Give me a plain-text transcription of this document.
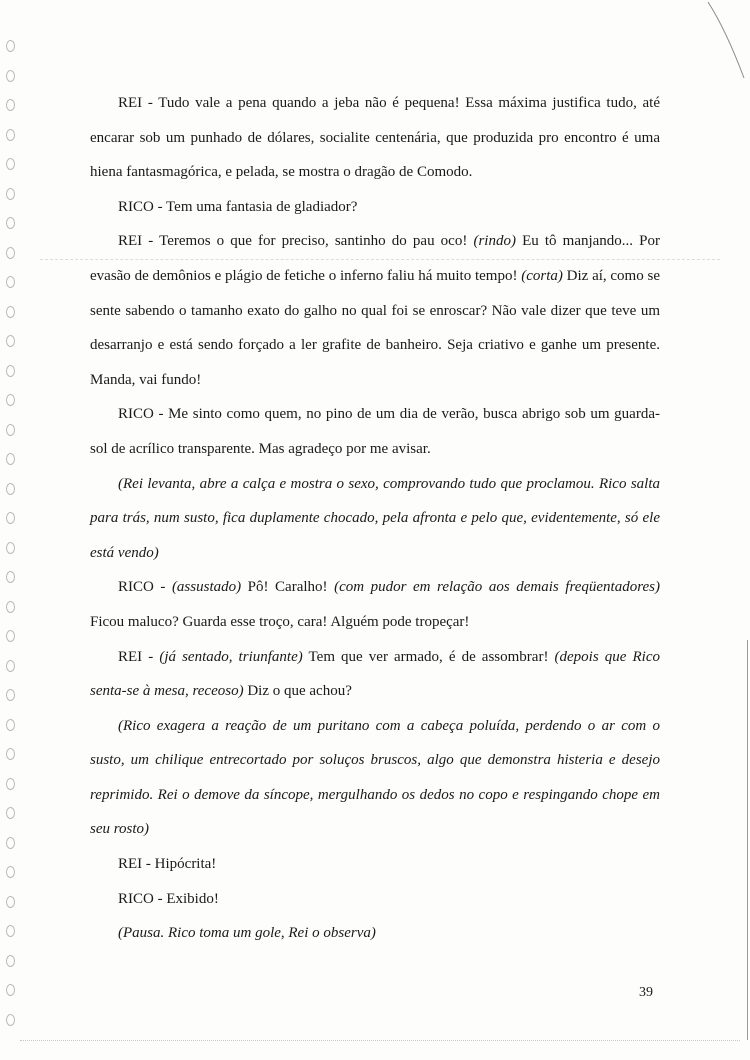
REI - Tudo vale a pena quando a jeba não é pequena! Essa máxima justifica tudo, até encarar sob um punhado de dólares, socialite centenária, que produzida pro encontro é uma hiena fantasmagórica, e pelada, se mostra o dragão de Comodo.

RICO - Tem uma fantasia de gladiador?

REI - Teremos o que for preciso, santinho do pau oco! (rindo) Eu tô manjando... Por evasão de demônios e plágio de fetiche o inferno faliu há muito tempo! (corta) Diz aí, como se sente sabendo o tamanho exato do galho no qual foi se enroscar? Não vale dizer que teve um desarranjo e está sendo forçado a ler grafite de banheiro. Seja criativo e ganhe um presente. Manda, vai fundo!

RICO - Me sinto como quem, no pino de um dia de verão, busca abrigo sob um guarda-sol de acrílico transparente. Mas agradeço por me avisar.

(Rei levanta, abre a calça e mostra o sexo, comprovando tudo que proclamou. Rico salta para trás, num susto, fica duplamente chocado, pela afronta e pelo que, evidentemente, só ele está vendo)

RICO - (assustado) Pô! Caralho! (com pudor em relação aos demais freqüentadores) Ficou maluco? Guarda esse troço, cara! Alguém pode tropeçar!

REI - (já sentado, triunfante) Tem que ver armado, é de assombrar! (depois que Rico senta-se à mesa, receoso) Diz o que achou?

(Rico exagera a reação de um puritano com a cabeça poluída, perdendo o ar com o susto, um chilique entrecortado por soluços bruscos, algo que demonstra histeria e desejo reprimido. Rei o demove da síncope, mergulhando os dedos no copo e respingando chope em seu rosto)

REI - Hipócrita!

RICO - Exibido!

(Pausa. Rico toma um gole, Rei o observa)

39
